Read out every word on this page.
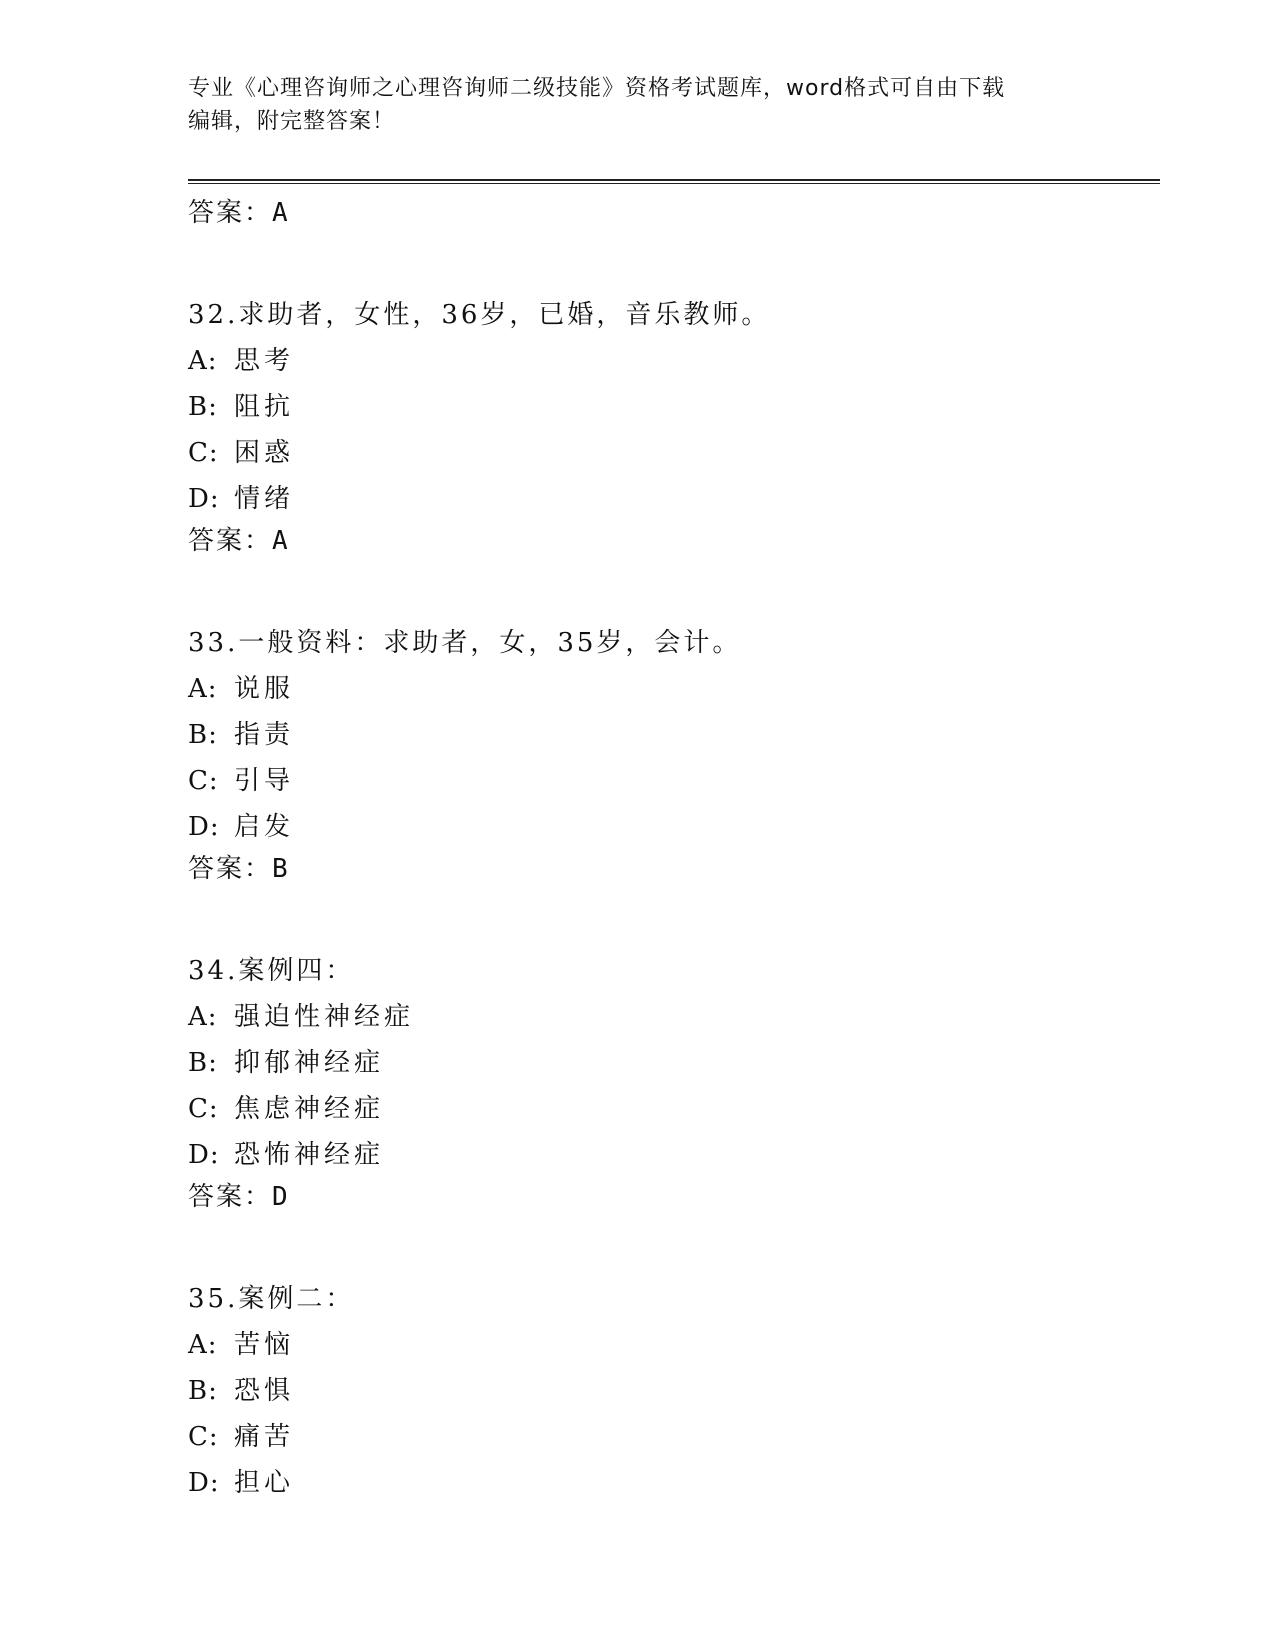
专业《心理咨询师之心理咨询师二级技能》资格考试题库，word格式可自由下载
编辑，附完整答案！
答案：A
32.求助者，女性，36岁，已婚，音乐教师。
A: 思考
B: 阻抗
C: 困惑
D: 情绪
答案：A
33.一般资料：求助者，女，35岁，会计。
A: 说服
B: 指责
C: 引导
D: 启发
答案：B
34.案例四：
A: 强迫性神经症
B: 抑郁神经症
C: 焦虑神经症
D: 恐怖神经症
答案：D
35.案例二：
A: 苦恼
B: 恐惧
C: 痛苦
D: 担心
